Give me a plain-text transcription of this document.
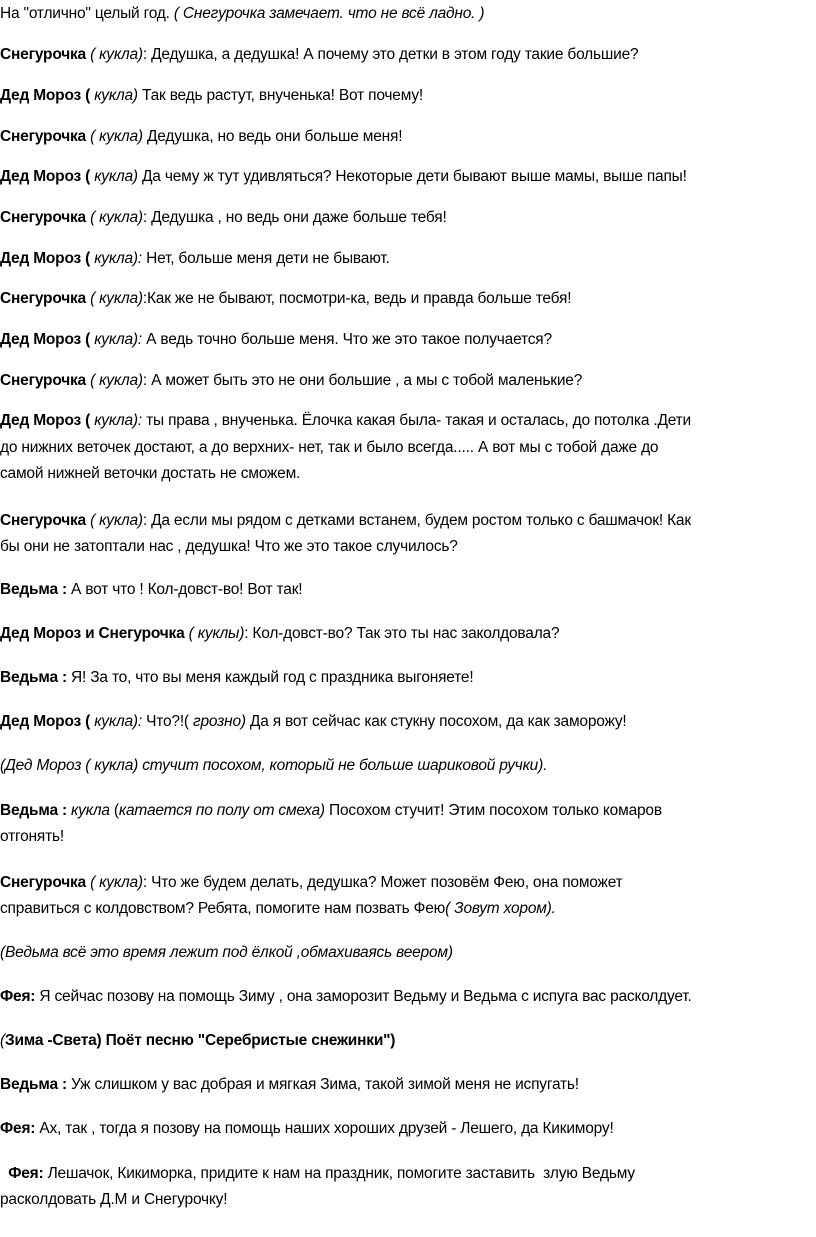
На "отлично" целый год. ( Снегурочка замечает. что не всё ладно. )

Снегурочка ( кукла): Дедушка, а дедушка! А почему это детки в этом году такие большие?

Дед Мороз ( кукла) Так ведь растут, внученька! Вот почему!

Снегурочка ( кукла) Дедушка, но ведь они больше меня!

Дед Мороз ( кукла) Да чему ж тут удивляться? Некоторые дети бывают выше мамы, выше папы!

Снегурочка ( кукла): Дедушка , но ведь они даже больше тебя!

Дед Мороз ( кукла): Нет, больше меня дети не бывают.

Снегурочка ( кукла):Как же не бывают, посмотри-ка, ведь и правда больше тебя!

Дед Мороз ( кукла): А ведь точно больше меня. Что же это такое получается?

Снегурочка ( кукла): А может быть это не они большие , а мы с тобой маленькие?

Дед Мороз ( кукла): ты права , внученька. Ёлочка какая была- такая и осталась, до потолка .Дети

до нижних веточек достают, а до верхних- нет, так и было всегда..... А вот мы с тобой даже до

самой нижней веточки достать не сможем.

Снегурочка ( кукла): Да если мы рядом с детками встанем, будем ростом только с башмачок! Как

бы они не затоптали нас , дедушка! Что же это такое случилось?

Ведьма : А вот что ! Кол-довст-во! Вот так!

Дед Мороз и Снегурочка ( куклы): Кол-довст-во? Так это ты нас заколдовала?

Ведьма : Я! За то, что вы меня каждый год с праздника выгоняете!

Дед Мороз ( кукла): Что?!( грозно) Да я вот сейчас как стукну посохом, да как заморожу!

(Дед Мороз ( кукла) стучит посохом, который не больше шариковой ручки).

Ведьма : кукла (катается по полу от смеха) Посохом стучит! Этим посохом только комаров

отгонять!

Снегурочка ( кукла): Что же будем делать, дедушка? Может позовём Фею, она поможет

справиться с колдовством? Ребята, помогите нам позвать Фею( Зовут хором).

(Ведьма всё это время лежит под ёлкой ,обмахиваясь веером)

Фея: Я сейчас позову на помощь Зиму , она заморозит Ведьму и Ведьма с испуга вас расколдует.

(Зима -Света) Поёт песню "Серебристые снежинки")

Ведьма : Уж слишком у вас добрая и мягкая Зима, такой зимой меня не испугать!

Фея: Ах, так , тогда я позову на помощь наших хороших друзей - Лешего, да Кикимору!

Фея: Лешачок, Кикиморка, придите к нам на праздник, помогите заставить  злую Ведьму

расколдовать Д.М и Снегурочку!
